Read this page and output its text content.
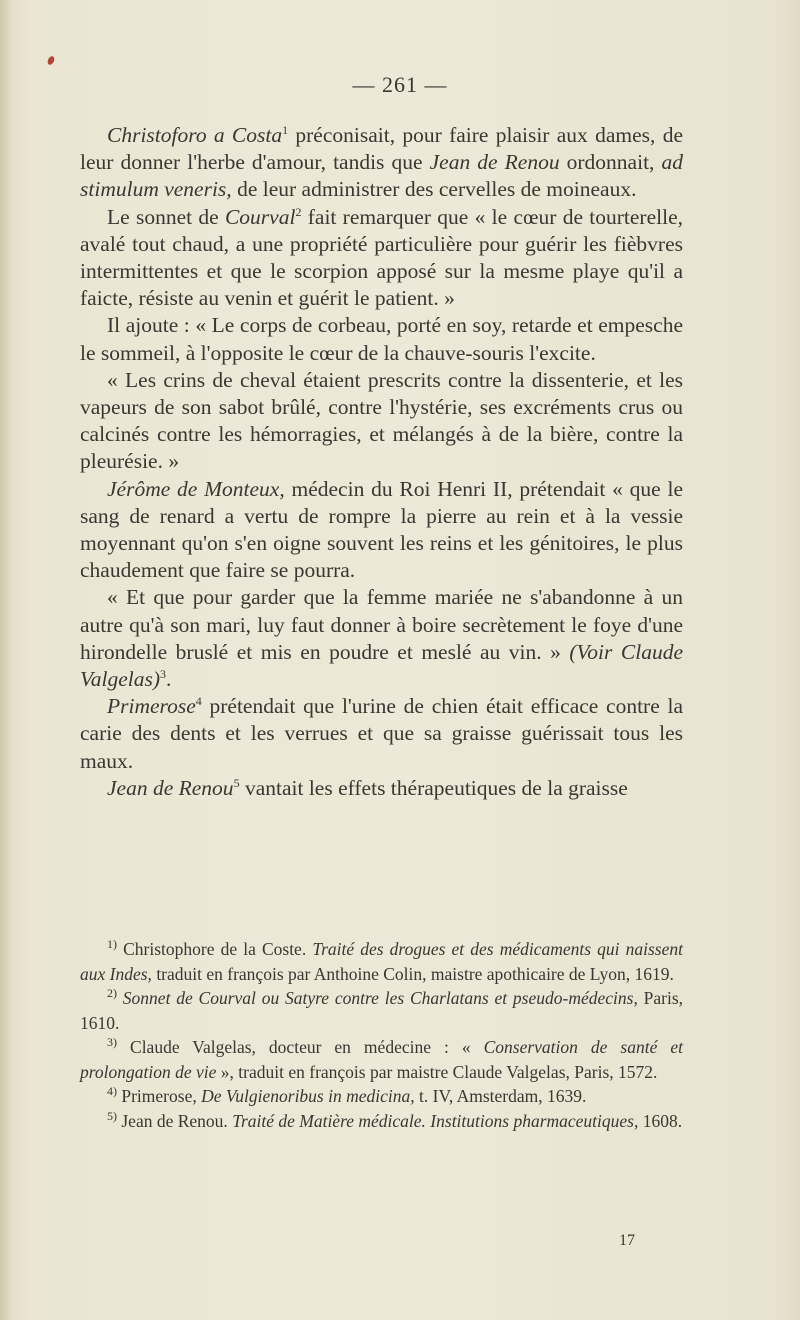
— 261 —

Christoforo a Costa$^1$ préconisait, pour faire plaisir aux dames, de leur donner l'herbe d'amour, tandis que Jean de Renou ordonnait, ad stimulum veneris, de leur administrer des cervelles de moineaux.

Le sonnet de Courval$^2$ fait remarquer que « le cœur de tourterelle, avalé tout chaud, a une propriété particulière pour guérir les fièbvres intermittentes et que le scorpion apposé sur la mesme playe qu'il a faicte, résiste au venin et guérit le patient. »

Il ajoute : « Le corps de corbeau, porté en soy, retarde et empesche le sommeil, à l'opposite le cœur de la chauve-souris l'excite.

« Les crins de cheval étaient prescrits contre la dissenterie, et les vapeurs de son sabot brûlé, contre l'hystérie, ses excréments crus ou calcinés contre les hémorragies, et mélangés à de la bière, contre la pleurésie. »

Jérôme de Monteux, médecin du Roi Henri II, prétendait « que le sang de renard a vertu de rompre la pierre au rein et à la vessie moyennant qu'on s'en oigne souvent les reins et les génitoires, le plus chaudement que faire se pourra.

« Et que pour garder que la femme mariée ne s'abandonne à un autre qu'à son mari, luy faut donner à boire secrètement le foye d'une hirondelle bruslé et mis en poudre et meslé au vin. » (Voir Claude Valgelas)$^3$.

Primerose$^4$ prétendait que l'urine de chien était efficace contre la carie des dents et les verrues et que sa graisse guérissait tous les maux.

Jean de Renou$^5$ vantait les effets thérapeutiques de la graisse

$^{1)}$ Christophore de la Coste. Traité des drogues et des médicaments qui naissent aux Indes, traduit en françois par Anthoine Colin, maistre apothicaire de Lyon, 1619.

$^{2)}$ Sonnet de Courval ou Satyre contre les Charlatans et pseudo-médecins, Paris, 1610.

$^{3)}$ Claude Valgelas, docteur en médecine : « Conservation de santé et prolongation de vie », traduit en françois par maistre Claude Valgelas, Paris, 1572.

$^{4)}$ Primerose, De Vulgienoribus in medicina, t. IV, Amsterdam, 1639.

$^{5)}$ Jean de Renou. Traité de Matière médicale. Institutions pharmaceutiques, 1608.

17
